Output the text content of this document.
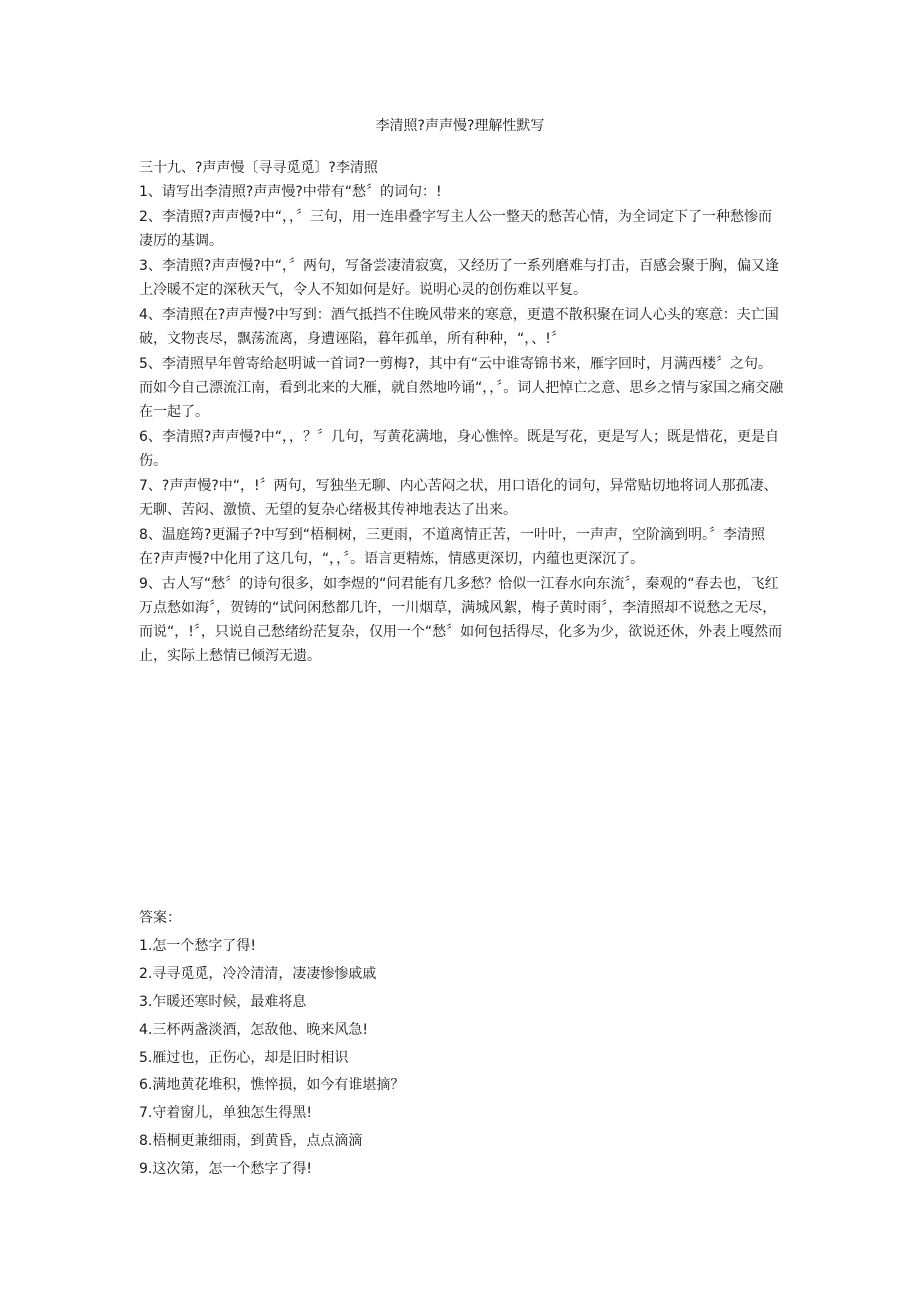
李清照?声声慢?理解性默写

三十九、?声声慢〔寻寻觅觅〕?李清照

1、请写出李清照?声声慢?中带有“愁〞的词句：!

2、李清照?声声慢?中“，，〞三句，用一连串叠字写主人公一整天的愁苦心情，为全词定下了一种愁惨而凄厉的基调。

3、李清照?声声慢?中“，〞两句，写备尝凄清寂寞，又经历了一系列磨难与打击，百感会聚于胸，偏又逢上冷暖不定的深秋天气，令人不知如何是好。说明心灵的创伤难以平复。

4、李清照在?声声慢?中写到：酒气抵挡不住晚风带来的寒意，更遣不散积聚在词人心头的寒意：夫亡国破，文物丧尽，飘荡流离，身遭诬陷，暮年孤单，所有种种，“，、!〞

5、李清照早年曾寄给赵明诚一首词?一剪梅?，其中有“云中谁寄锦书来，雁字回时，月满西楼〞之句。而如今自己漂流江南，看到北来的大雁，就自然地吟诵“，，〞。词人把悼亡之意、思乡之情与家国之痛交融在一起了。

6、李清照?声声慢?中“，，？〞几句，写黄花满地，身心憔悴。既是写花，更是写人；既是惜花，更是自伤。

7、?声声慢?中“，!〞两句，写独坐无聊、内心苦闷之状，用口语化的词句，异常贴切地将词人那孤凄、无聊、苦闷、激愤、无望的复杂心绪极其传神地表达了出来。

8、温庭筠?更漏子?中写到“梧桐树，三更雨，不道离情正苦，一叶叶，一声声，空阶滴到明。〞李清照在?声声慢?中化用了这几句，“，，〞。语言更精炼，情感更深切，内蕴也更深沉了。

9、古人写“愁〞的诗句很多，如李煜的“问君能有几多愁？恰似一江春水向东流〞，秦观的“春去也，飞红万点愁如海〞，贺铸的“试问闲愁都几许，一川烟草，满城风絮，梅子黄时雨〞，李清照却不说愁之无尽，而说“，!〞，只说自己愁绪纷茫复杂，仅用一个“愁〞如何包括得尽，化多为少，欲说还休，外表上嘎然而止，实际上愁情已倾泻无遗。

答案：

1.怎一个愁字了得!

2.寻寻觅觅，冷冷清清，凄凄惨惨戚戚

3.乍暖还寒时候，最难将息

4.三杯两盏淡酒，怎敌他、晚来风急!

5.雁过也，正伤心，却是旧时相识

6.满地黄花堆积，憔悴损，如今有谁堪摘？

7.守着窗儿，单独怎生得黑!

8.梧桐更兼细雨，到黄昏，点点滴滴

9.这次第，怎一个愁字了得!
